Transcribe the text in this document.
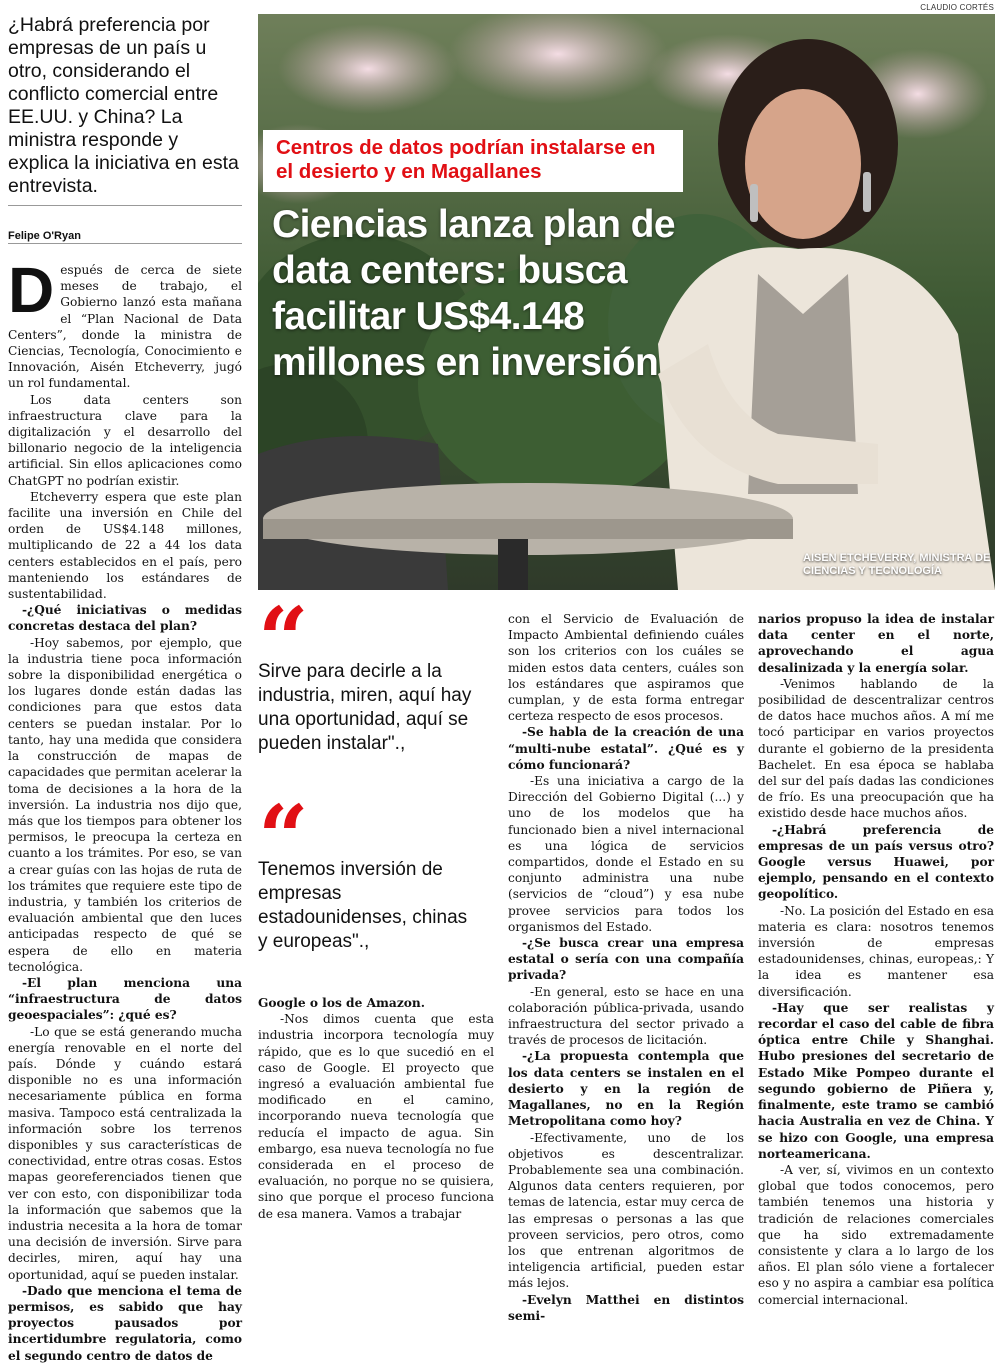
CLAUDIO CORTÉS
¿Habrá preferencia por empresas de un país u otro, considerando el conflicto comercial entre EE.UU. y China? La ministra responde y explica la iniciativa en esta entrevista.
Felipe O'Ryan
Centros de datos podrían instalarse en el desierto y en Magallanes
Ciencias lanza plan de data centers: busca facilitar US$4.148 millones en inversión
AISEN ETCHEVERRY, MINISTRA DE CIENCIAS Y TECNOLOGÍA
D espués de cerca de siete meses de trabajo, el Gobierno lanzó esta mañana el “Plan Nacional de Data Centers”, donde la ministra de Ciencias, Tecnología, Conocimiento e Innovación, Aisén Etcheverry, jugó un rol fundamental.

Los data centers son infraestructura clave para la digitalización y el desarrollo del billonario negocio de la inteligencia artificial. Sin ellos aplicaciones como ChatGPT no podrían existir.

Etcheverry espera que este plan facilite una inversión en Chile del orden de US$4.148 millones, multiplicando de 22 a 44 los data centers establecidos en el país, pero manteniendo los estándares de sustentabilidad.

-¿Qué iniciativas o medidas concretas destaca del plan?

-Hoy sabemos, por ejemplo, que la industria tiene poca información sobre la disponibilidad energética o los lugares donde están dadas las condiciones para que estos data centers se puedan instalar. Por lo tanto, hay una medida que considera la construcción de mapas de capacidades que permitan acelerar la toma de decisiones a la hora de la inversión. La industria nos dijo que, más que los tiempos para obtener los permisos, le preocupa la certeza en cuanto a los trámites. Por eso, se van a crear guías con las hojas de ruta de los trámites que requiere este tipo de industria, y también los criterios de evaluación ambiental que den luces anticipadas respecto de qué se espera de ello en materia tecnológica.

-El plan menciona una “infraestructura de datos geoespaciales”: ¿qué es?

-Lo que se está generando mucha energía renovable en el norte del país. Dónde y cuándo estará disponible no es una información necesariamente pública en forma masiva. Tampoco está centralizada la información sobre los terrenos disponibles y sus características de conectividad, entre otras cosas. Estos mapas georeferenciados tienen que ver con esto, con disponibilizar toda la información que sabemos que la industria necesita a la hora de tomar una decisión de inversión. Sirve para decirles, miren, aquí hay una oportunidad, aquí se pueden instalar.

-Dado que menciona el tema de permisos, es sabido que hay proyectos pausados por incertidumbre regulatoria, como el segundo centro de datos de

“
Sirve para decirle a la industria, miren, aquí hay una oportunidad, aquí se pueden instalar".,
“
Tenemos inversión de empresas estadounidenses, chinas y europeas".,

Google o los de Amazon.

-Nos dimos cuenta que esta industria incorpora tecnología muy rápido, que es lo que sucedió en el caso de Google. El proyecto que ingresó a evaluación ambiental fue modificado en el camino, incorporando nueva tecnología que reducía el impacto de agua. Sin embargo, esa nueva tecnología no fue considerada en el proceso de evaluación, no porque no se quisiera, sino que porque el proceso funciona de esa manera. Vamos a trabajar

con el Servicio de Evaluación de Impacto Ambiental definiendo cuáles son los criterios con los cuáles se miden estos data centers, cuáles son los estándares que aspiramos que cumplan, y de esta forma entregar certeza respecto de esos procesos.

-Se habla de la creación de una “multi-nube estatal”. ¿Qué es y cómo funcionará?

-Es una iniciativa a cargo de la Dirección del Gobierno Digital (...) y uno de los modelos que ha funcionado bien a nivel internacional es una lógica de servicios compartidos, donde el Estado en su conjunto administra una nube (servicios de “cloud”) y esa nube provee servicios para todos los organismos del Estado.

-¿Se busca crear una empresa estatal o sería con una compañía privada?

-En general, esto se hace en una colaboración pública-privada, usando infraestructura del sector privado a través de procesos de licitación.

-¿La propuesta contempla que los data centers se instalen en el desierto y en la región de Magallanes, no en la Región Metropolitana como hoy?

-Efectivamente, uno de los objetivos es descentralizar. Probablemente sea una combinación. Algunos data centers requieren, por temas de latencia, estar muy cerca de las empresas o personas a las que proveen servicios, pero otros, como los que entrenan algoritmos de inteligencia artificial, pueden estar más lejos.

-Evelyn Matthei en distintos semi-

narios propuso la idea de instalar data center en el norte, aprovechando el agua desalinizada y la energía solar.

-Venimos hablando de la posibilidad de descentralizar centros de datos hace muchos años. A mí me tocó participar en varios proyectos durante el gobierno de la presidenta Bachelet. En esa época se hablaba del sur del país dadas las condiciones de frío. Es una preocupación que ha existido desde hace muchos años.

-¿Habrá preferencia de empresas de un país versus otro? Google versus Huawei, por ejemplo, pensando en el contexto geopolítico.

-No. La posición del Estado en esa materia es clara: nosotros tenemos inversión de empresas estadounidenses, chinas, europeas,: Y la idea es mantener esa diversificación.

-Hay que ser realistas y recordar el caso del cable de fibra óptica entre Chile y Shanghai. Hubo presiones del secretario de Estado Mike Pompeo durante el segundo gobierno de Piñera y, finalmente, este tramo se cambió hacia Australia en vez de China. Y se hizo con Google, una empresa norteamericana.

-A ver, sí, vivimos en un contexto global que todos conocemos, pero también tenemos una historia y tradición de relaciones comerciales que ha sido extremadamente consistente y clara a lo largo de los años. El plan sólo viene a fortalecer eso y no aspira a cambiar esa política comercial internacional.
